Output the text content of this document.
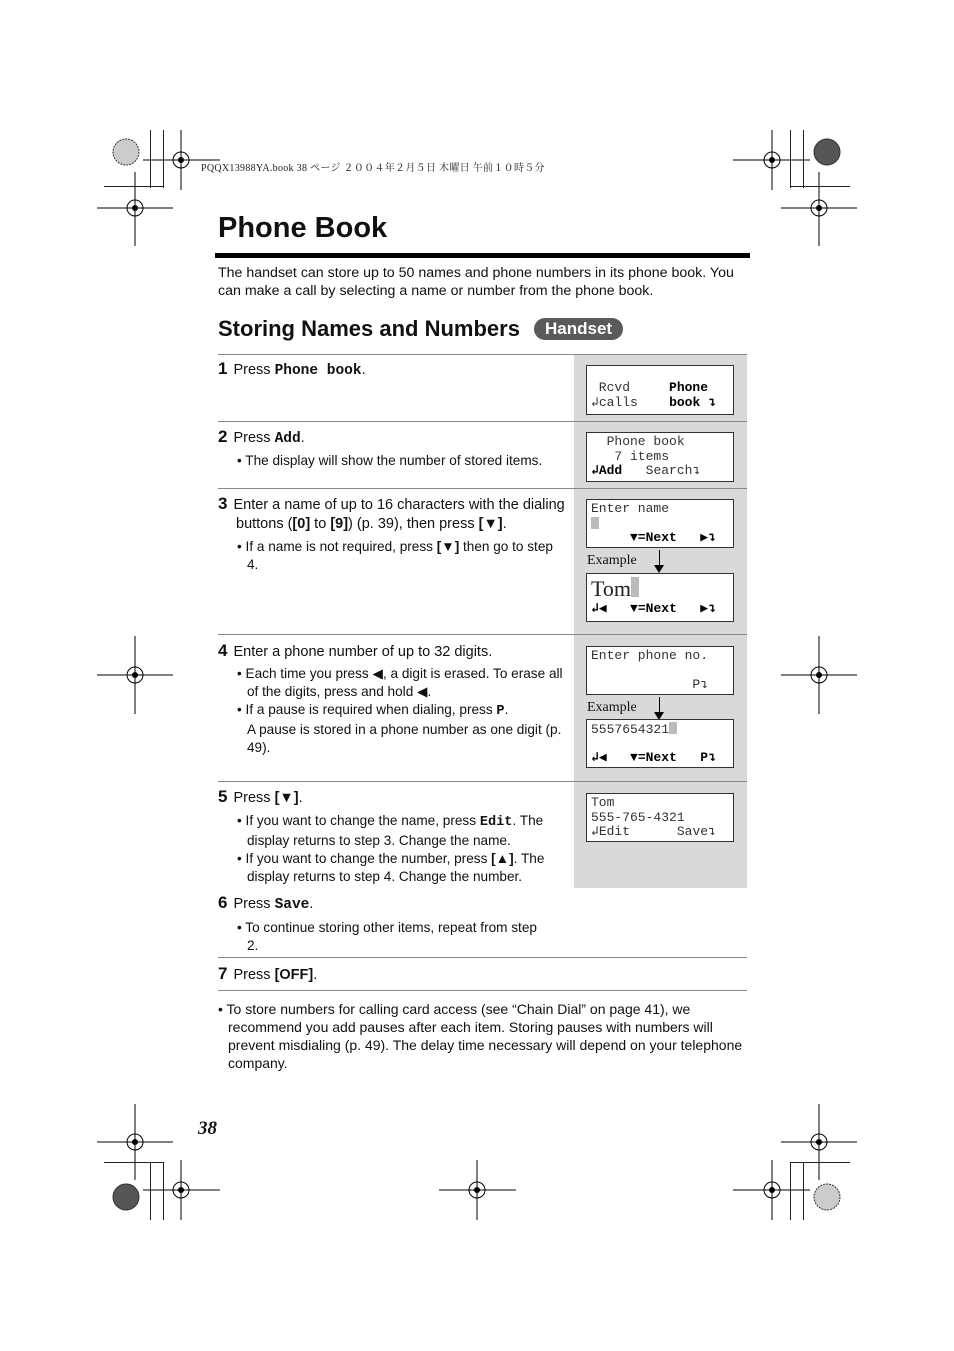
PQQX13988YA.book 38 ページ ２００４年２月５日 木曜日 午前１０時５分
Phone Book
The handset can store up to 50 names and phone numbers in its phone book. You can make a call by selecting a name or number from the phone book.
Storing Names and Numbers	Handset
1 Press Phone book.
Rcvd	Phone
↲calls book ↴
2 Press Add.
• The display will show the number of stored items.
Phone book
7 items
↲Add   Search↴
3 Enter a name of up to 16 characters with the dialing buttons ([0] to [9]) (p. 39), then press [▼].
• If a name is not required, press [▼] then go to step 4.
Enter name
▼=Next   ▶↴
Example
Tom
↲◀   ▼=Next   ▶↴
4 Enter a phone number of up to 32 digits.
• Each time you press ◀, a digit is erased. To erase all of the digits, press and hold ◀.
• If a pause is required when dialing, press P.
A pause is stored in a phone number as one digit (p. 49).
Enter phone no.
P↴
Example
5557654321
↲◀   ▼=Next   P↴
5 Press [▼].
• If you want to change the name, press Edit. The display returns to step 3. Change the name.
• If you want to change the number, press [▲]. The display returns to step 4. Change the number.
Tom
555-765-4321
↲Edit      Save↴
6 Press Save.
• To continue storing other items, repeat from step 2.
7 Press [OFF].
• To store numbers for calling card access (see “Chain Dial” on page 41), we recommend you add pauses after each item. Storing pauses with numbers will prevent misdialing (p. 49). The delay time necessary will depend on your telephone company.
38
